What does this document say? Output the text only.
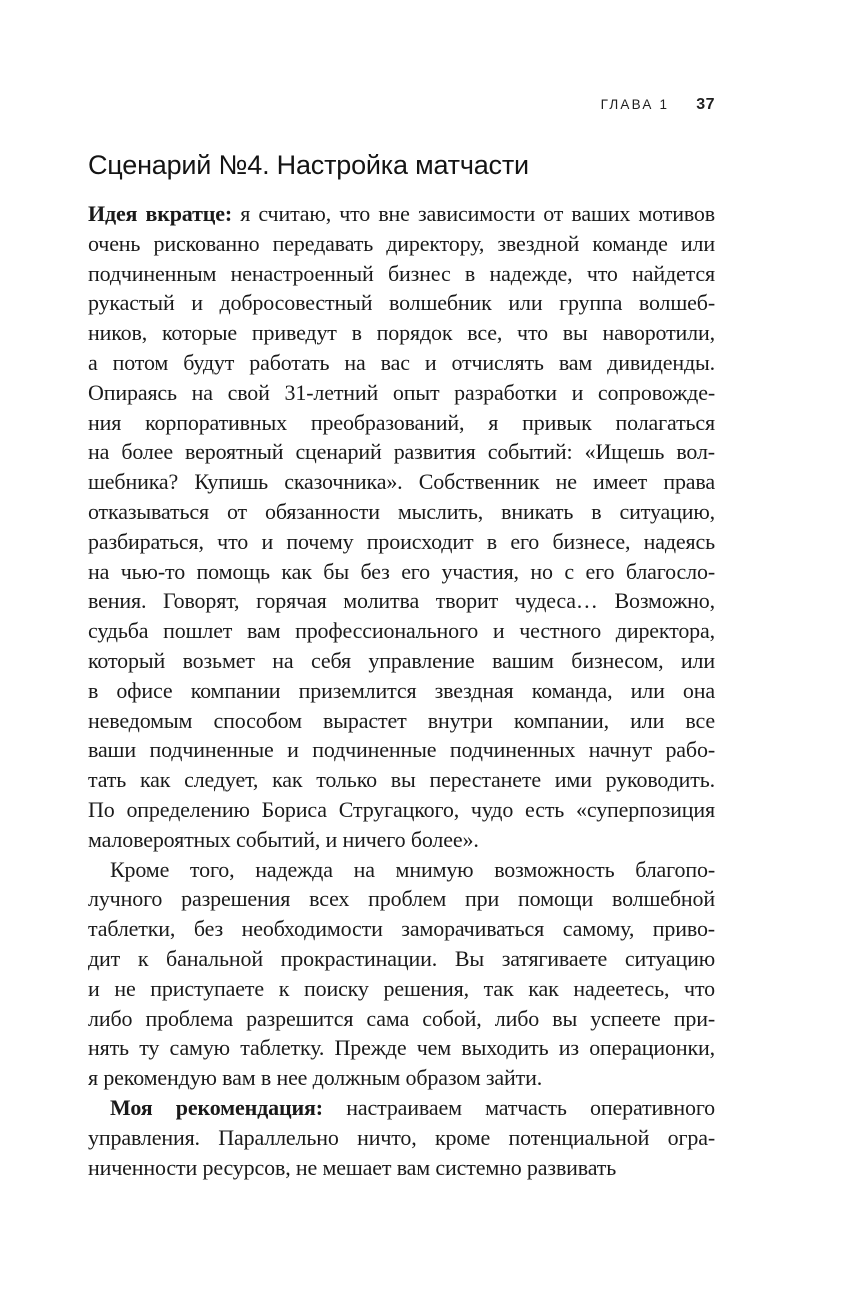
ГЛАВА 1 37
Сценарий №4. Настройка матчасти
Идея вкратце: я считаю, что вне зависимости от ваших мотивов
очень рискованно передавать директору, звездной команде или
подчиненным ненастроенный бизнес в надежде, что найдется
рукастый и добросовестный волшебник или группа волшеб-
ников, которые приведут в порядок все, что вы наворотили,
а потом будут работать на вас и отчислять вам дивиденды.
Опираясь на свой 31-летний опыт разработки и сопровожде-
ния корпоративных преобразований, я привык полагаться
на более вероятный сценарий развития событий: «Ищешь вол-
шебника? Купишь сказочника». Собственник не имеет права
отказываться от обязанности мыслить, вникать в ситуацию,
разбираться, что и почему происходит в его бизнесе, надеясь
на чью-то помощь как бы без его участия, но с его благосло-
вения. Говорят, горячая молитва творит чудеса… Возможно,
судьба пошлет вам профессионального и честного директора,
который возьмет на себя управление вашим бизнесом, или
в офисе компании приземлится звездная команда, или она
неведомым способом вырастет внутри компании, или все
ваши подчиненные и подчиненные подчиненных начнут рабо-
тать как следует, как только вы перестанете ими руководить.
По определению Бориса Стругацкого, чудо есть «суперпозиция
маловероятных событий, и ничего более».
Кроме того, надежда на мнимую возможность благопо-
лучного разрешения всех проблем при помощи волшебной
таблетки, без необходимости заморачиваться самому, приво-
дит к банальной прокрастинации. Вы затягиваете ситуацию
и не приступаете к поиску решения, так как надеетесь, что
либо проблема разрешится сама собой, либо вы успеете при-
нять ту самую таблетку. Прежде чем выходить из операционки,
я рекомендую вам в нее должным образом зайти.
Моя рекомендация: настраиваем матчасть оперативного
управления. Параллельно ничто, кроме потенциальной огра-
ниченности ресурсов, не мешает вам системно развивать
